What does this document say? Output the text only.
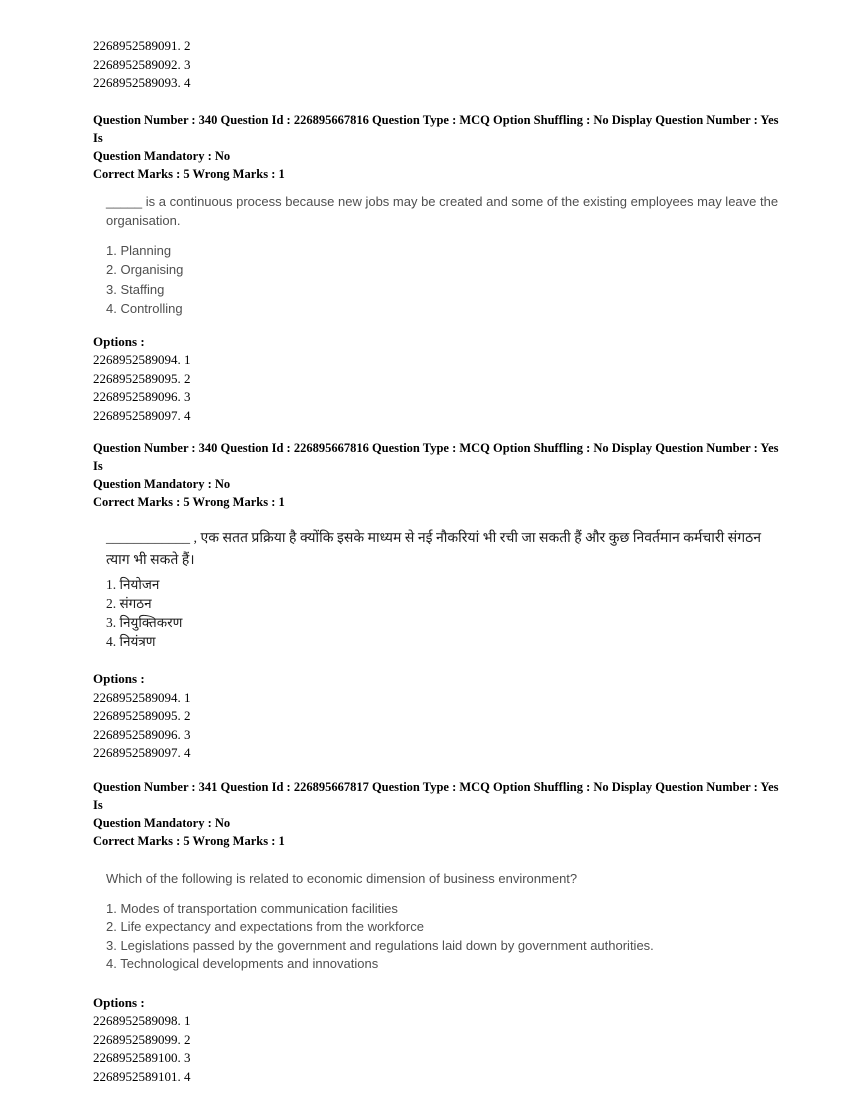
2268952589091. 2
2268952589092. 3
2268952589093. 4

Question Number : 340 Question Id : 226895667816 Question Type : MCQ Option Shuffling : No Display Question Number : Yes Is

Question Mandatory : No

Correct Marks : 5 Wrong Marks : 1

_____ is a continuous process because new jobs may be created and some of the existing employees may leave the
organisation.
1. Planning
2. Organising
3. Staffing
4. Controlling

Options :

2268952589094. 1
2268952589095. 2
2268952589096. 3
2268952589097. 4

Question Number : 340 Question Id : 226895667816 Question Type : MCQ Option Shuffling : No Display Question Number : Yes Is

Question Mandatory : No

Correct Marks : 5 Wrong Marks : 1

____________ , एक सतत प्रक्रिया है क्योंकि इसके माध्यम से नई नौकरियां भी रची जा सकती हैं और कुछ निवर्तमान कर्मचारी संगठन
त्याग भी सकते हैं।
1. नियोजन
2. संगठन
3. नियुक्तिकरण
4. नियंत्रण

Options :

2268952589094. 1
2268952589095. 2
2268952589096. 3
2268952589097. 4

Question Number : 341 Question Id : 226895667817 Question Type : MCQ Option Shuffling : No Display Question Number : Yes Is

Question Mandatory : No

Correct Marks : 5 Wrong Marks : 1

Which of the following is related to economic dimension of business environment?
1. Modes of transportation communication facilities
2. Life expectancy and expectations from the workforce
3. Legislations passed by the government and regulations laid down by government authorities.
4. Technological developments and innovations

Options :

2268952589098. 1
2268952589099. 2
2268952589100. 3
2268952589101. 4
